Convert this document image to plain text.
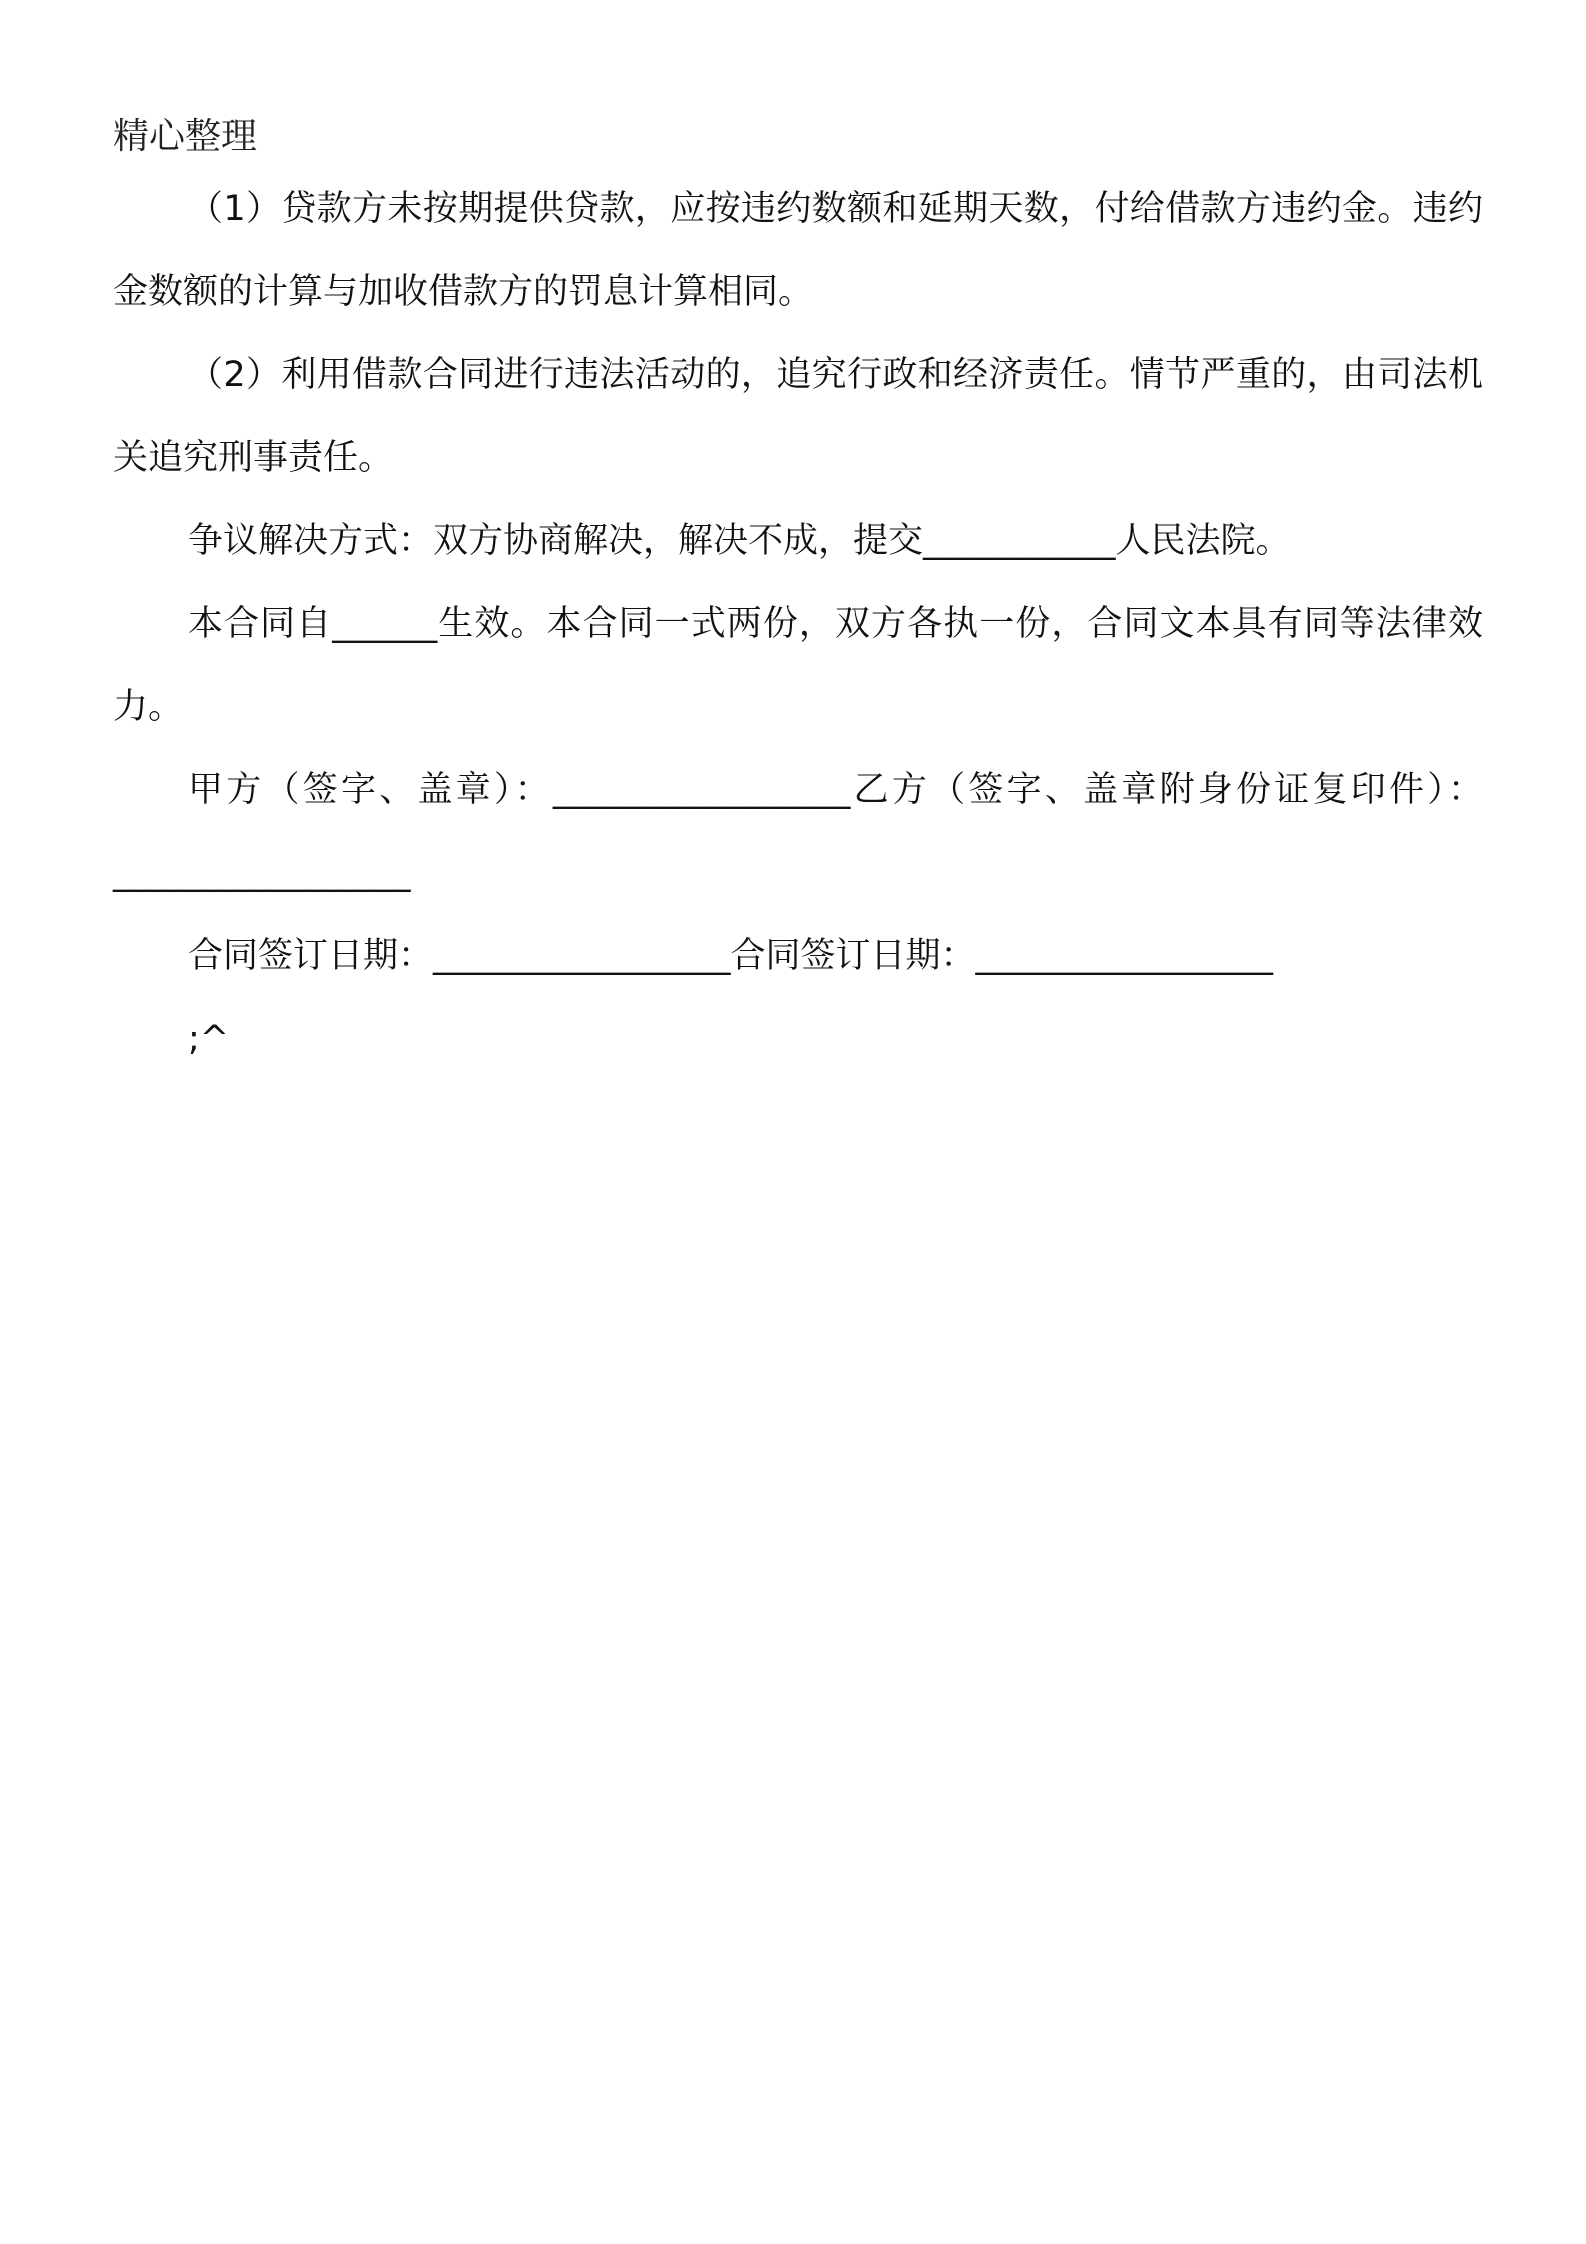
精心整理

（1）贷款方未按期提供贷款，应按违约数额和延期天数，付给借款方违约金。违约金数额的计算与加收借款方的罚息计算相同。

（2）利用借款合同进行违法活动的，追究行政和经济责任。情节严重的，由司法机关追究刑事责任。

争议解决方式：双方协商解决，解决不成，提交___________人民法院。

本合同自______生效。本合同一式两份，双方各执一份，合同文本具有同等法律效力。

甲方（签字、盖章）：_________________乙方（签字、盖章附身份证复印件）：_________________

合同签订日期：_________________合同签订日期：_________________

;^
